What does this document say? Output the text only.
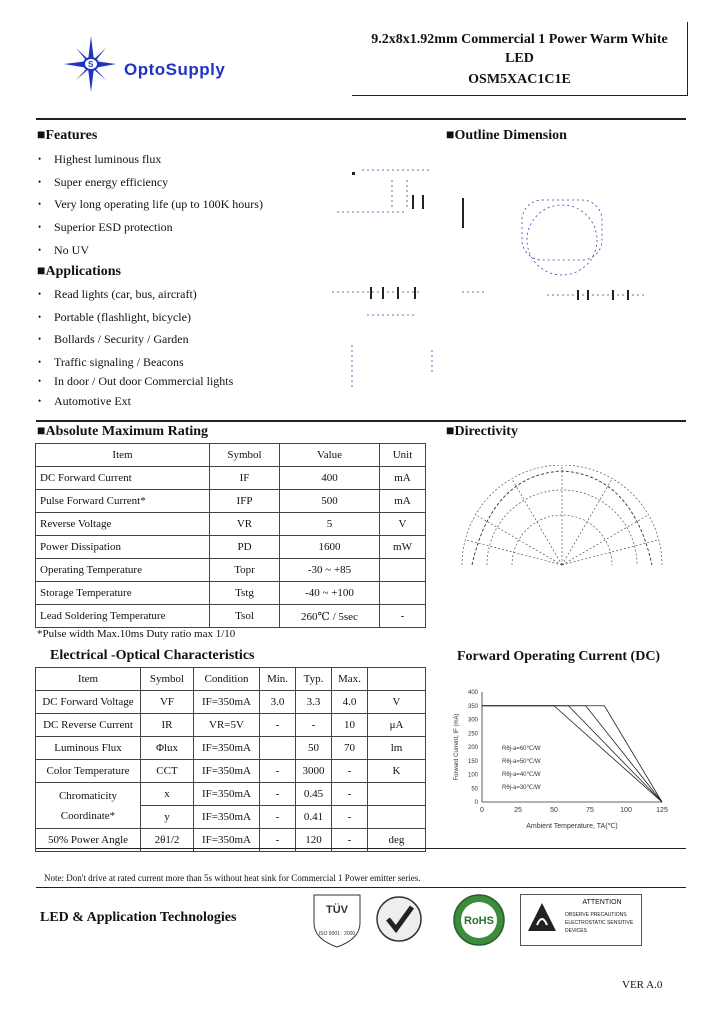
S OptoSupply
9.2x8x1.92mm Commercial 1 Power Warm White LED
OSM5XAC1C1E
■Features
• Highest luminous flux
• Super energy efficiency
• Very long operating life (up to 100K hours)
• Superior ESD protection
• No UV
■Applications
• Read lights (car, bus, aircraft)
• Portable (flashlight, bicycle)
• Bollards / Security / Garden
• Traffic signaling / Beacons
• In door / Out door Commercial lights
• Automotive Ext
■Outline Dimension
■Absolute Maximum Rating
Item	Symbol	Value	Unit
DC Forward Current	IF	400	mA
Pulse Forward Current*	IFP	500	mA
Reverse Voltage	VR	5	V
Power Dissipation	PD	1600	mW
Operating Temperature	Topr	-30 ~ +85	
Storage Temperature	Tstg	-40 ~ +100	
Lead Soldering Temperature	Tsol	260℃ / 5sec	-
*Pulse width Max.10ms Duty ratio max 1/10
■Directivity
Electrical -Optical Characteristics
Item	Symbol	Condition	Min.	Typ.	Max.	
DC Forward Voltage	VF	IF=350mA	3.0	3.3	4.0	V
DC Reverse Current	IR	VR=5V	-	-	10	μA
Luminous Flux	Φlux	IF=350mA		50	70	lm
Color Temperature	CCT	IF=350mA	-	3000	-	K

Chromaticity
Coordinate*	x	IF=350mA	-	0.45	-	
	y	IF=350mA	-	0.41	-	
50% Power Angle	2θ1/2	IF=350mA	-	120	-	deg
Forward Operating Current (DC)
0
50
100
150
200
250
300
350
400
0	25	50	75	100	125
Forward Current, IF (mA)
Ambient Temperature, TA(℃)
Rθj-a=60℃/W
Rθj-a=50℃/W
Rθj-a=40℃/W
Rθj-a=30℃/W
Note: Don't drive at rated current more than 5s without heat sink for Commercial 1 Power emitter series.
LED & Application Technologies	TÜV
ISO 9001 : 2000
RoHS
ATTENTION
OBSERVE PRECAUTIONS ELECTROSTATIC SENSITIVE DEVICES
VER A.0
